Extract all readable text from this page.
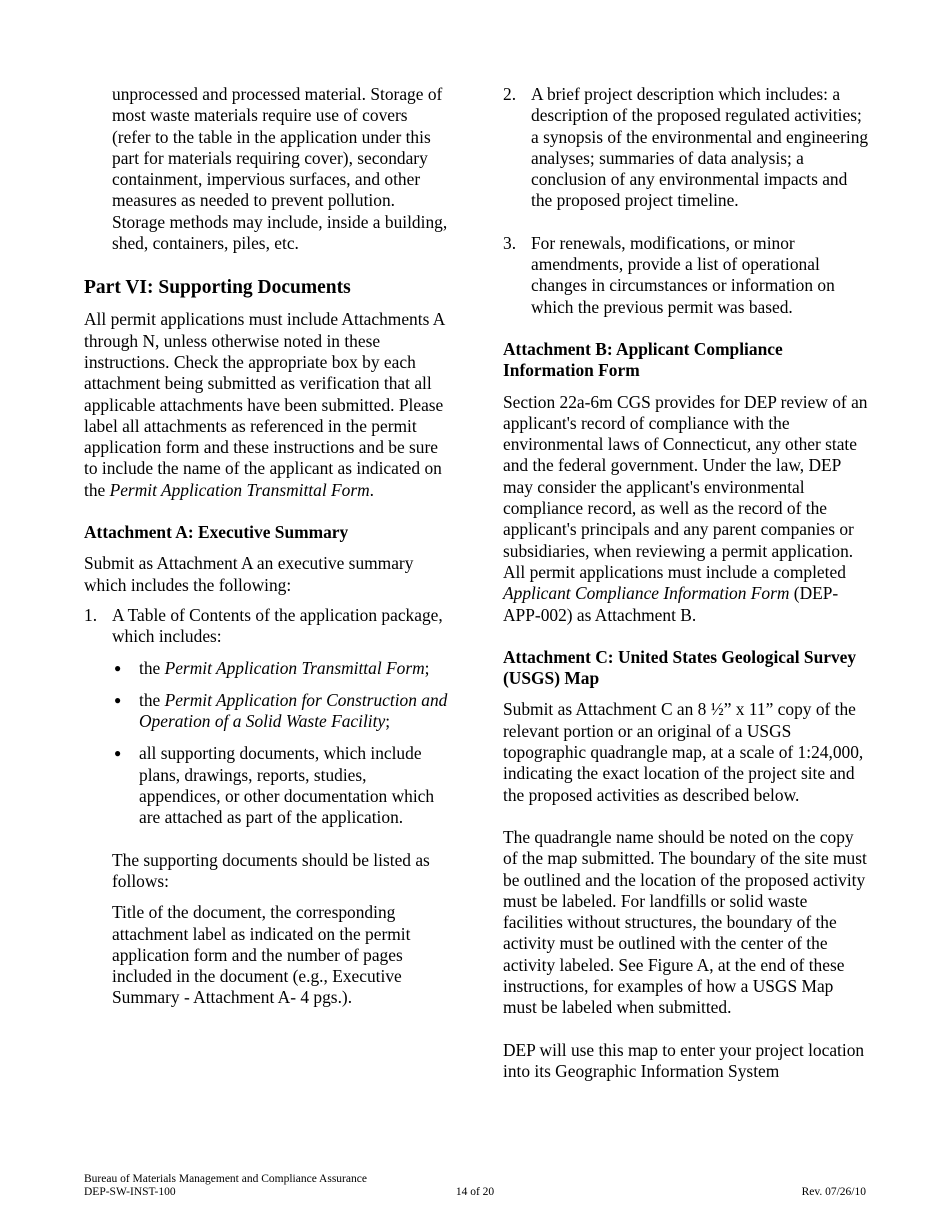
unprocessed and processed material. Storage of most waste materials require use of covers (refer to the table in the application under this part for materials requiring cover), secondary containment, impervious surfaces, and other measures as needed to prevent pollution. Storage methods may include, inside a building, shed, containers, piles, etc.

Part VI: Supporting Documents

All permit applications must include Attachments A through N, unless otherwise noted in these instructions. Check the appropriate box by each attachment being submitted as verification that all applicable attachments have been submitted. Please label all attachments as referenced in the permit application form and these instructions and be sure to include the name of the applicant as indicated on the Permit Application Transmittal Form.

Attachment A: Executive Summary

Submit as Attachment A an executive summary which includes the following:

1. A Table of Contents of the application package, which includes:
● the Permit Application Transmittal Form;
● the Permit Application for Construction and Operation of a Solid Waste Facility;
● all supporting documents, which include plans, drawings, reports, studies, appendices, or other documentation which are attached as part of the application.

The supporting documents should be listed as follows:

Title of the document, the corresponding attachment label as indicated on the permit application form and the number of pages included in the document (e.g., Executive Summary - Attachment A- 4 pgs.).

2. A brief project description which includes: a description of the proposed regulated activities; a synopsis of the environmental and engineering analyses; summaries of data analysis; a conclusion of any environmental impacts and the proposed project timeline.
3. For renewals, modifications, or minor amendments, provide a list of operational changes in circumstances or information on which the previous permit was based.

Attachment B: Applicant Compliance Information Form

Section 22a-6m CGS provides for DEP review of an applicant's record of compliance with the environmental laws of Connecticut, any other state and the federal government. Under the law, DEP may consider the applicant's environmental compliance record, as well as the record of the applicant's principals and any parent companies or subsidiaries, when reviewing a permit application. All permit applications must include a completed Applicant Compliance Information Form (DEP-APP-002) as Attachment B.

Attachment C: United States Geological Survey (USGS) Map

Submit as Attachment C an 8 ½” x 11” copy of the relevant portion or an original of a USGS topographic quadrangle map, at a scale of 1:24,000, indicating the exact location of the project site and the proposed activities as described below.

The quadrangle name should be noted on the copy of the map submitted. The boundary of the site must be outlined and the location of the proposed activity must be labeled. For landfills or solid waste facilities without structures, the boundary of the activity must be outlined with the center of the activity labeled. See Figure A, at the end of these instructions, for examples of how a USGS Map must be labeled when submitted.

DEP will use this map to enter your project location into its Geographic Information System

Bureau of Materials Management and Compliance Assurance
DEP-SW-INST-100	14 of 20	Rev. 07/26/10
